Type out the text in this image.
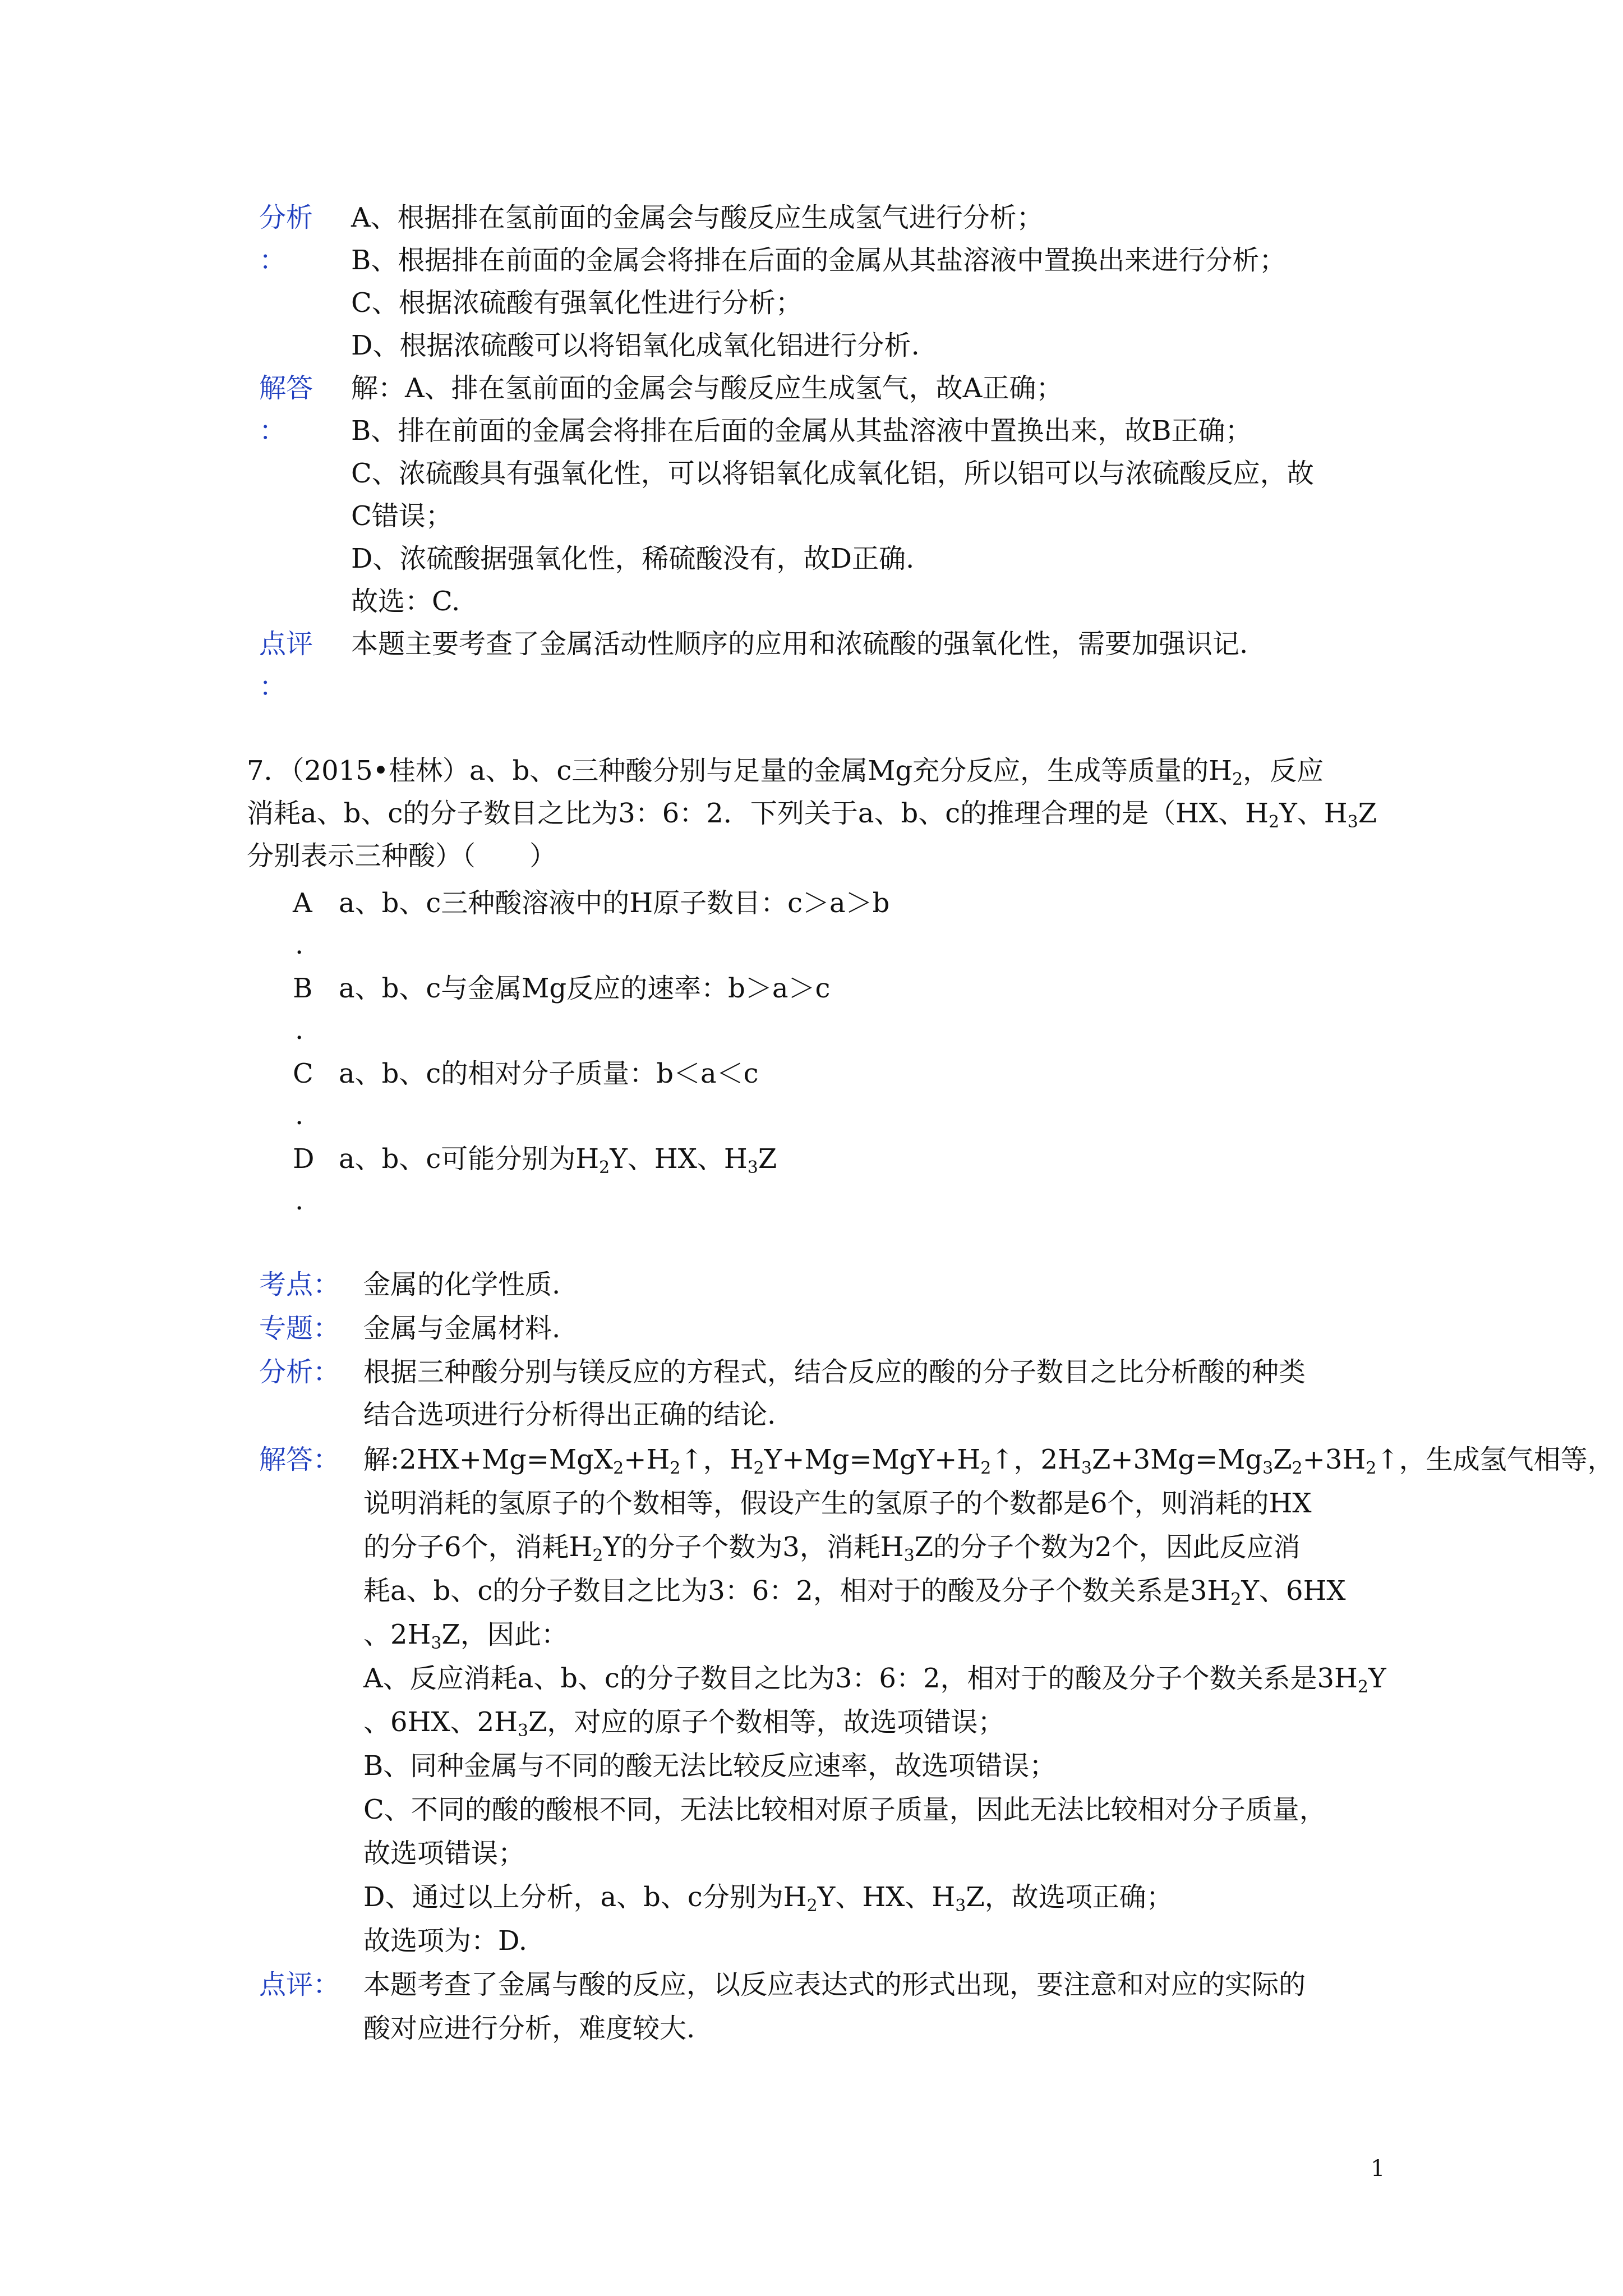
分析
：
A、根据排在氢前面的金属会与酸反应生成氢气进行分析；
B、根据排在前面的金属会将排在后面的金属从其盐溶液中置换出来进行分析；
C、根据浓硫酸有强氧化性进行分析；
D、根据浓硫酸可以将铝氧化成氧化铝进行分析.
解答
：
解：A、排在氢前面的金属会与酸反应生成氢气，故A正确；
B、排在前面的金属会将排在后面的金属从其盐溶液中置换出来，故B正确；
C、浓硫酸具有强氧化性，可以将铝氧化成氧化铝，所以铝可以与浓硫酸反应，故
C错误；
D、浓硫酸据强氧化性，稀硫酸没有，故D正确.
故选：C.
点评
：
本题主要考查了金属活动性顺序的应用和浓硫酸的强氧化性，需要加强识记.
7．（2015•桂林）a、b、c三种酸分别与足量的金属Mg充分反应，生成等质量的$H_2$，反应
消耗a、b、c的分子数目之比为3：6：2．下列关于a、b、c的推理合理的是（HX、$H_2Y$、$H_3Z$
分别表示三种酸）（　　）
A a、b、c三种酸溶液中的H原子数目：c＞a＞b
.
B a、b、c与金属Mg反应的速率：b＞a＞c
.
C a、b、c的相对分子质量：b＜a＜c
.
D a、b、c可能分别为$H_2Y$、HX、$H_3Z$
.
考点： 金属的化学性质.
专题： 金属与金属材料.
分析： 根据三种酸分别与镁反应的方程式，结合反应的酸的分子数目之比分析酸的种类
结合选项进行分析得出正确的结论.
解答： 解$:2HX+Mg=MgX_2+H_2↑$，$H_2Y+Mg=MgY+H_2↑$，$2H_3Z+3Mg=Mg_3Z_2+3H_2↑$，生成氢气相等，
说明消耗的氢原子的个数相等，假设产生的氢原子的个数都是6个，则消耗的HX
的分子6个，消耗$H_2Y$的分子个数为3，消耗$H_3Z$的分子个数为2个，因此反应消
耗a、b、c的分子数目之比为3：6：2，相对于的酸及分子个数关系是$3H_2Y$、6HX
、$2H_3Z$，因此：
A、反应消耗a、b、c的分子数目之比为3：6：2，相对于的酸及分子个数关系是$3H_2Y$
、6HX、$2H_3Z$，对应的原子个数相等，故选项错误；
B、同种金属与不同的酸无法比较反应速率，故选项错误；
C、不同的酸的酸根不同，无法比较相对原子质量，因此无法比较相对分子质量，
故选项错误；
D、通过以上分析，a、b、c分别为$H_2Y$、HX、$H_3Z$，故选项正确；
故选项为：D.
点评： 本题考查了金属与酸的反应，以反应表达式的形式出现，要注意和对应的实际的
酸对应进行分析，难度较大.
1
